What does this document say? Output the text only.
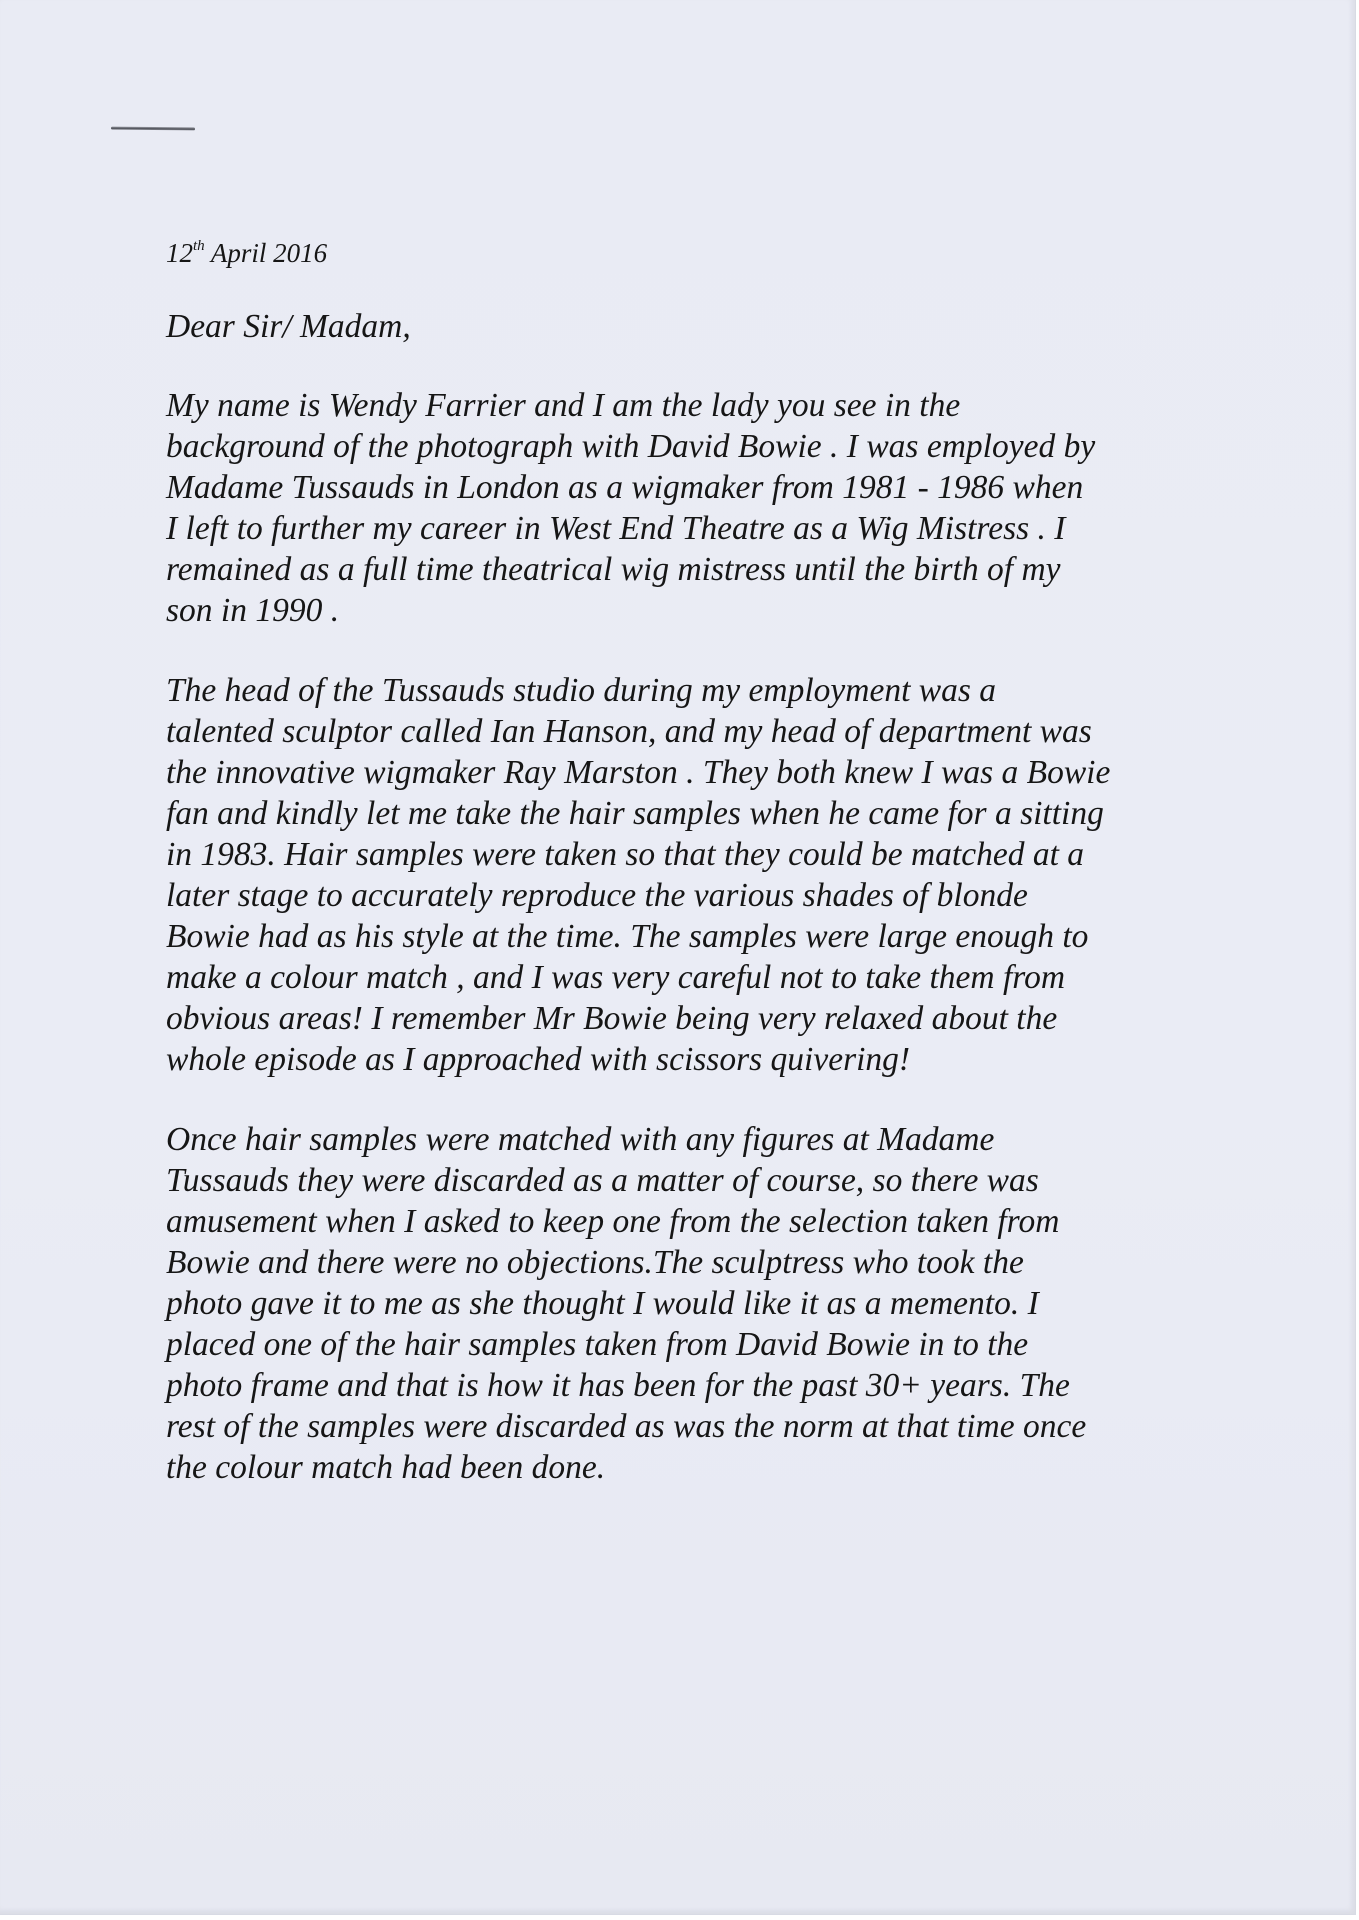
12th April 2016
Dear Sir/ Madam,
My name is Wendy Farrier and I am the lady you see in the
background of the photograph with David Bowie . I was employed by
Madame Tussauds in London as a wigmaker from 1981 - 1986 when
I left to further my career in West End Theatre as a Wig Mistress . I
remained as a full time theatrical wig mistress until the birth of my
son in 1990 .
The head of the Tussauds studio during my employment was a
talented sculptor called Ian Hanson, and my head of department was
the innovative wigmaker Ray Marston . They both knew I was a Bowie
fan and kindly let me take the hair samples when he came for a sitting
in 1983. Hair samples were taken so that they could be matched at a
later stage to accurately reproduce the various shades of blonde
Bowie had as his style at the time. The samples were large enough to
make a colour match , and I was very careful not to take them from
obvious areas! I remember Mr Bowie being very relaxed about the
whole episode as I approached with scissors quivering!
Once hair samples were matched with any figures at Madame
Tussauds they were discarded as a matter of course, so there was
amusement when I asked to keep one from the selection taken from
Bowie and there were no objections.The sculptress who took the
photo gave it to me as she thought I would like it as a memento. I
placed one of the hair samples taken from David Bowie in to the
photo frame and that is how it has been for the past 30+ years. The
rest of the samples were discarded as was the norm at that time once
the colour match had been done.
